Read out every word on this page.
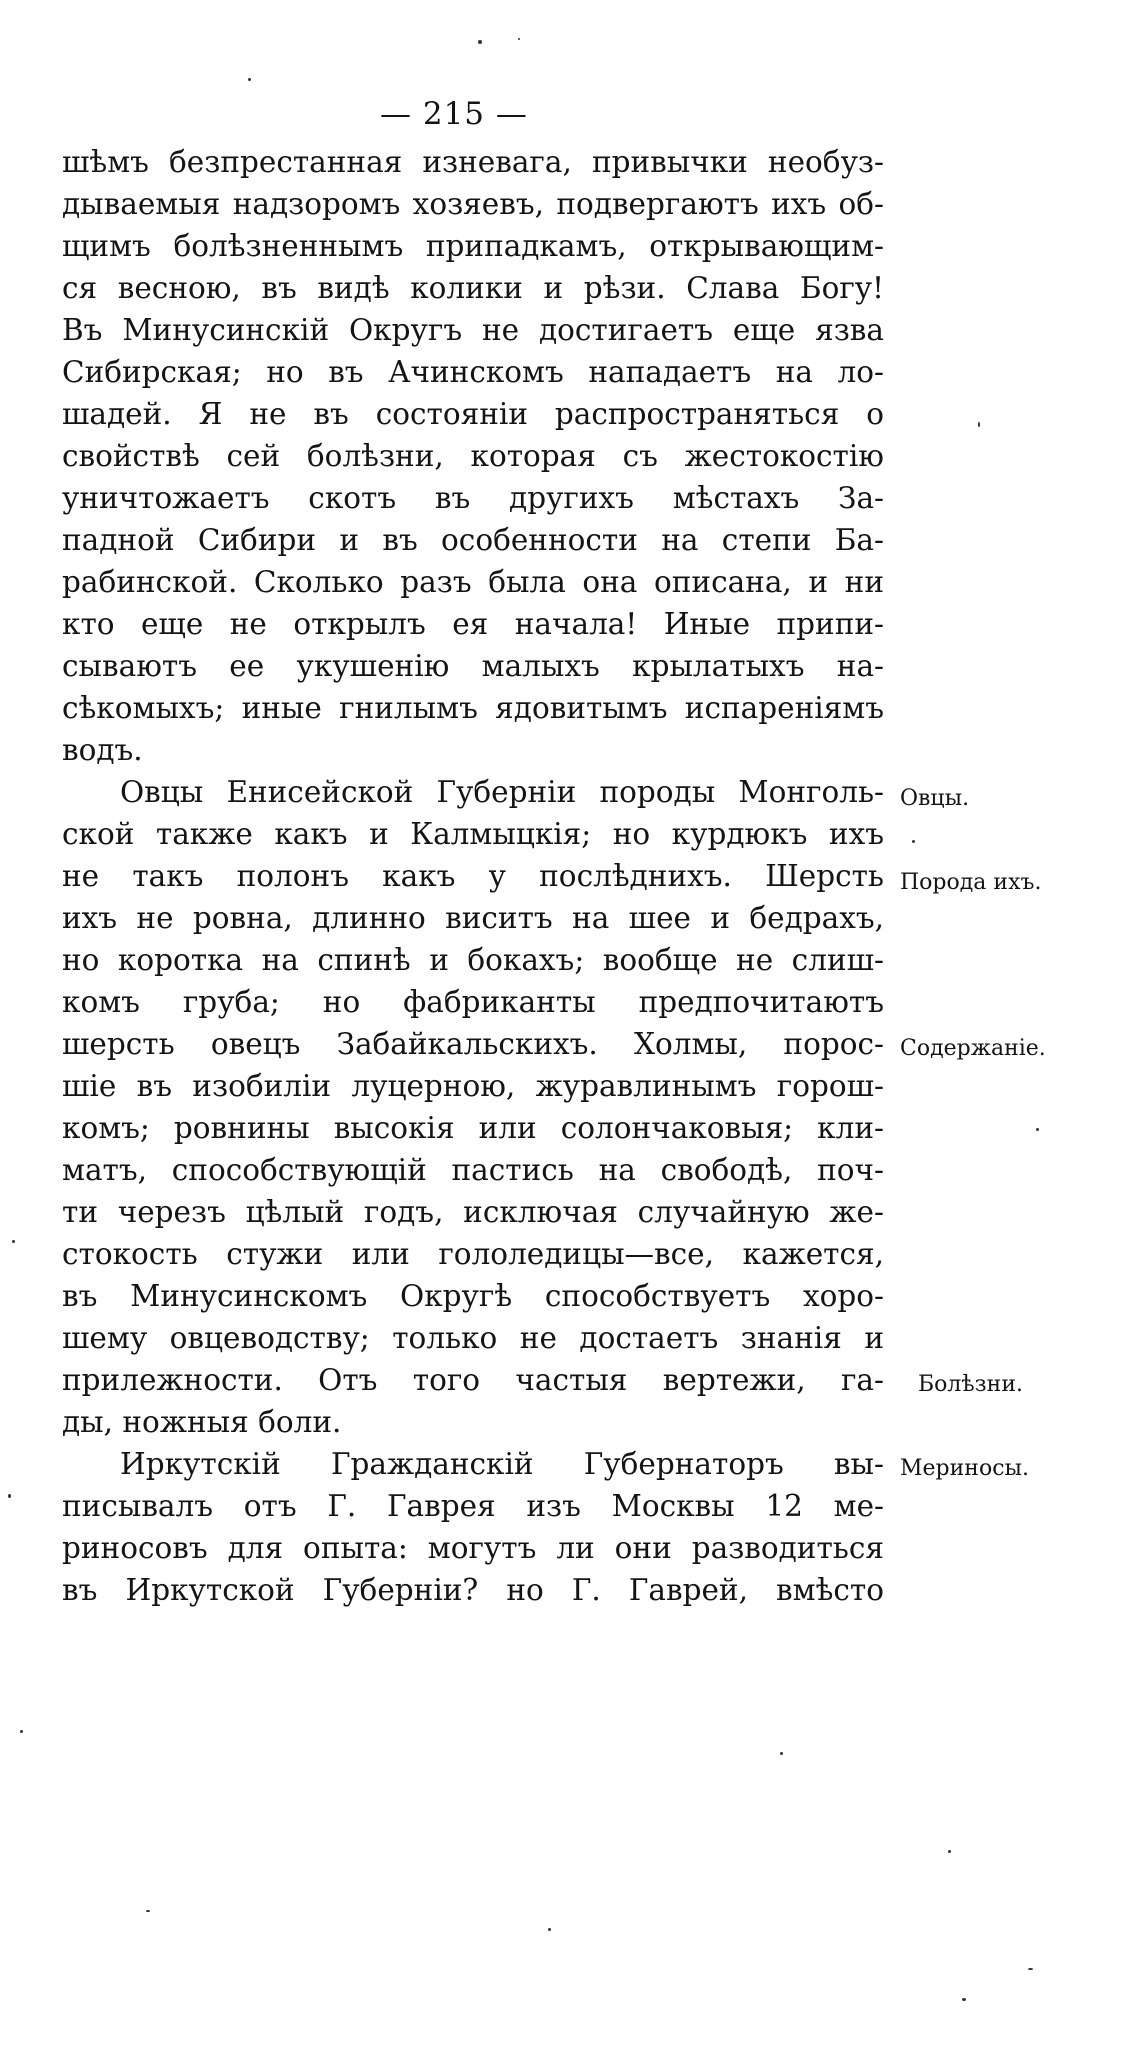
— 215 —
шѣмъ безпрестанная изневага, привычки необуз-
дываемыя надзоромъ хозяевъ, подвергаютъ ихъ об-
щимъ болѣзненнымъ припадкамъ, открывающим-
ся весною, въ видѣ колики и рѣзи. Слава Богу!
Въ Минусинскій Округъ не достигаетъ еще язва
Сибирская; но въ Ачинскомъ нападаетъ на ло-
шадей. Я не въ состояніи распространяться о
свойствѣ сей болѣзни, которая съ жестокостію
уничтожаетъ скотъ въ другихъ мѣстахъ За-
падной Сибири и въ особенности на степи Ба-
рабинской. Сколько разъ была она описана, и ни
кто еще не открылъ ея начала! Иные припи-
сываютъ ее укушенію малыхъ крылатыхъ на-
сѣкомыхъ; иные гнилымъ ядовитымъ испареніямъ
водъ.
Овцы Енисейской Губерніи породы Монголь-
ской также какъ и Калмыцкія; но курдюкъ ихъ
не такъ полонъ какъ у послѣднихъ. Шерсть
ихъ не ровна, длинно виситъ на шее и бедрахъ,
но коротка на спинѣ и бокахъ; вообще не слиш-
комъ груба; но фабриканты предпочитаютъ
шерсть овецъ Забайкальскихъ. Холмы, порос-
шіе въ изобиліи луцерною, журавлинымъ горош-
комъ; ровнины высокія или солончаковыя; кли-
матъ, способствующій пастись на свободѣ, поч-
ти черезъ цѣлый годъ, исключая случайную же-
стокость стужи или гололедицы—все, кажется,
въ Минусинскомъ Округѣ способствуетъ хоро-
шему овцеводству; только не достаетъ знанія и
прилежности. Отъ того частыя вертежи, га-
ды, ножныя боли.
Иркутскій Гражданскій Губернаторъ вы-
писывалъ отъ Г. Гаврея изъ Москвы 12 ме-
риносовъ для опыта: могутъ ли они разводиться
въ Иркутской Губерніи? но Г. Гаврей, вмѣсто
Овцы.
Порода ихъ.
Содержаніе.
Болѣзни.
Мериносы.
